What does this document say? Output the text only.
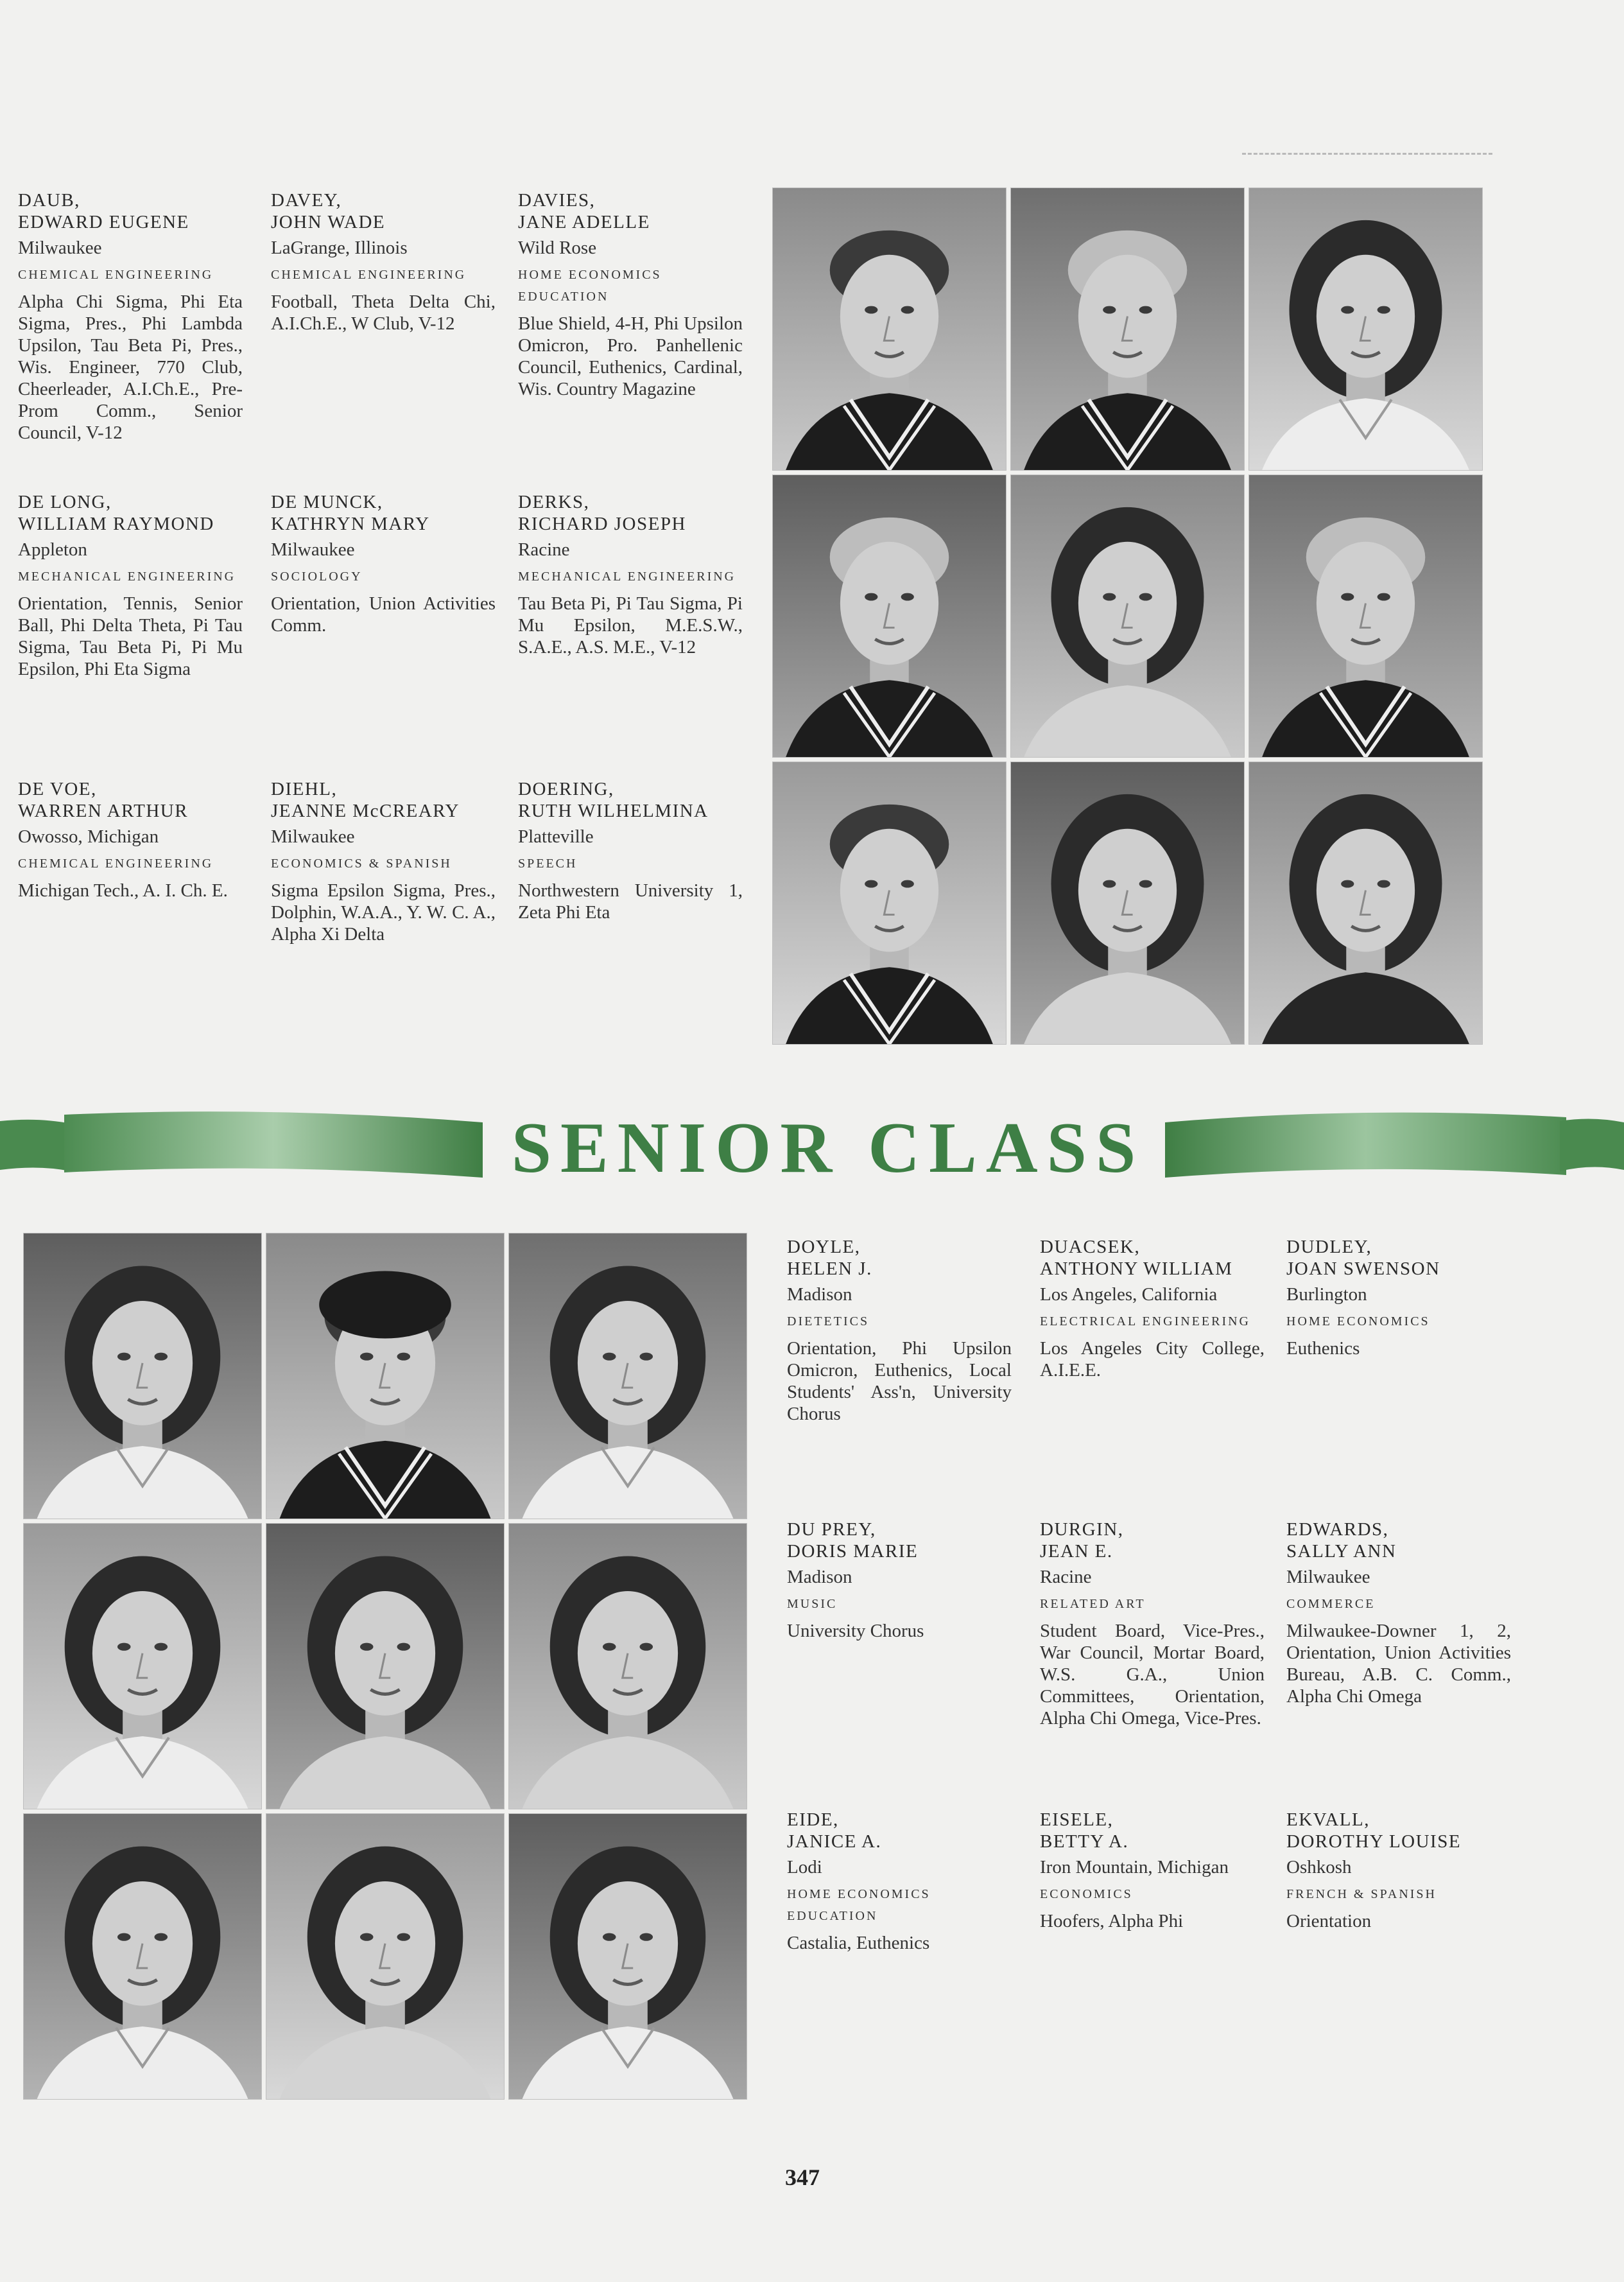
DAUB,
EDWARD EUGENE
Milwaukee
CHEMICAL ENGINEERING
Alpha Chi Sigma, Phi Eta Sigma, Pres., Phi Lambda Upsilon, Tau Beta Pi, Pres., Wis. Engineer, 770 Club, Cheerleader, A.I.Ch.E., Pre-Prom Comm., Senior Council, V-12
DAVEY,
JOHN WADE
LaGrange, Illinois
CHEMICAL ENGINEERING
Football, Theta Delta Chi, A.I.Ch.E., W Club, V-12
DAVIES,
JANE ADELLE
Wild Rose
HOME ECONOMICS EDUCATION
Blue Shield, 4-H, Phi Upsilon Omicron, Pro. Panhellenic Council, Euthenics, Cardinal, Wis. Country Magazine
DE LONG,
WILLIAM RAYMOND
Appleton
MECHANICAL ENGINEERING
Orientation, Tennis, Senior Ball, Phi Delta Theta, Pi Tau Sigma, Tau Beta Pi, Pi Mu Epsilon, Phi Eta Sigma
DE MUNCK,
KATHRYN MARY
Milwaukee
SOCIOLOGY
Orientation, Union Activities Comm.
DERKS,
RICHARD JOSEPH
Racine
MECHANICAL ENGINEERING
Tau Beta Pi, Pi Tau Sigma, Pi Mu Epsilon, M.E.S.W., S.A.E., A.S. M.E., V-12
DE VOE,
WARREN ARTHUR
Owosso, Michigan
CHEMICAL ENGINEERING
Michigan Tech., A. I. Ch. E.
DIEHL,
JEANNE McCREARY
Milwaukee
ECONOMICS & SPANISH
Sigma Epsilon Sigma, Pres., Dolphin, W.A.A., Y. W. C. A., Alpha Xi Delta
DOERING,
RUTH WILHELMINA
Platteville
SPEECH
Northwestern University 1, Zeta Phi Eta
SENIOR CLASS
DOYLE,
HELEN J.
Madison
DIETETICS
Orientation, Phi Upsilon Omicron, Euthenics, Local Students' Ass'n, University Chorus
DUACSEK,
ANTHONY WILLIAM
Los Angeles, California
ELECTRICAL ENGINEERING
Los Angeles City College, A.I.E.E.
DUDLEY,
JOAN SWENSON
Burlington
HOME ECONOMICS
Euthenics
DU PREY,
DORIS MARIE
Madison
MUSIC
University Chorus
DURGIN,
JEAN E.
Racine
RELATED ART
Student Board, Vice-Pres., War Council, Mortar Board, W.S. G.A., Union Committees, Orientation, Alpha Chi Omega, Vice-Pres.
EDWARDS,
SALLY ANN
Milwaukee
COMMERCE
Milwaukee-Downer 1, 2, Orientation, Union Activities Bureau, A.B. C. Comm., Alpha Chi Omega
EIDE,
JANICE A.
Lodi
HOME ECONOMICS EDUCATION
Castalia, Euthenics
EISELE,
BETTY A.
Iron Mountain, Michigan
ECONOMICS
Hoofers, Alpha Phi
EKVALL,
DOROTHY LOUISE
Oshkosh
FRENCH & SPANISH
Orientation
347
